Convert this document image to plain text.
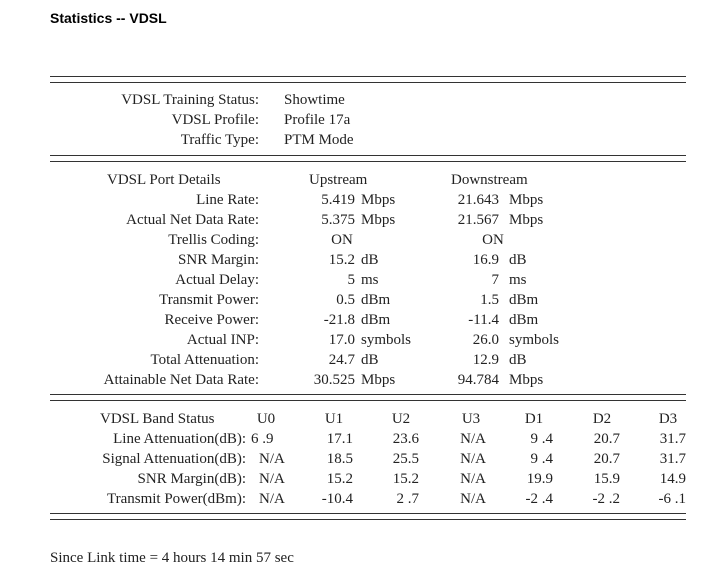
Statistics -- VDSL
VDSL Training Status: Showtime
VDSL Profile: Profile 17a
Traffic Type: PTM Mode
VDSL Port Details	Upstream	Downstream
Line Rate:	5.419 Mbps	21.643 Mbps
Actual Net Data Rate:	5.375 Mbps	21.567 Mbps
Trellis Coding:	ON	ON
SNR Margin:	15.2 dB	16.9 dB
Actual Delay:	5 ms	7 ms
Transmit Power:	0.5 dBm	1.5 dBm
Receive Power:	-21.8 dBm	-11.4 dBm
Actual INP:	17.0 symbols	26.0 symbols
Total Attenuation:	24.7 dB	12.9 dB
Attainable Net Data Rate:	30.525 Mbps	94.784 Mbps
VDSL Band Status	U0	U1	U2	U3	D1	D2	D3
Line Attenuation(dB): 6 .9	17.1	23.6	N/A	9 .4	20.7	31.7
Signal Attenuation(dB): N/A	18.5	25.5	N/A	9 .4	20.7	31.7
SNR Margin(dB): N/A	15.2	15.2	N/A	19.9	15.9	14.9
Transmit Power(dBm): N/A	-10.4	2 .7	N/A	-2 .4	-2 .2	-6 .1
Since Link time = 4 hours 14 min 57 sec
